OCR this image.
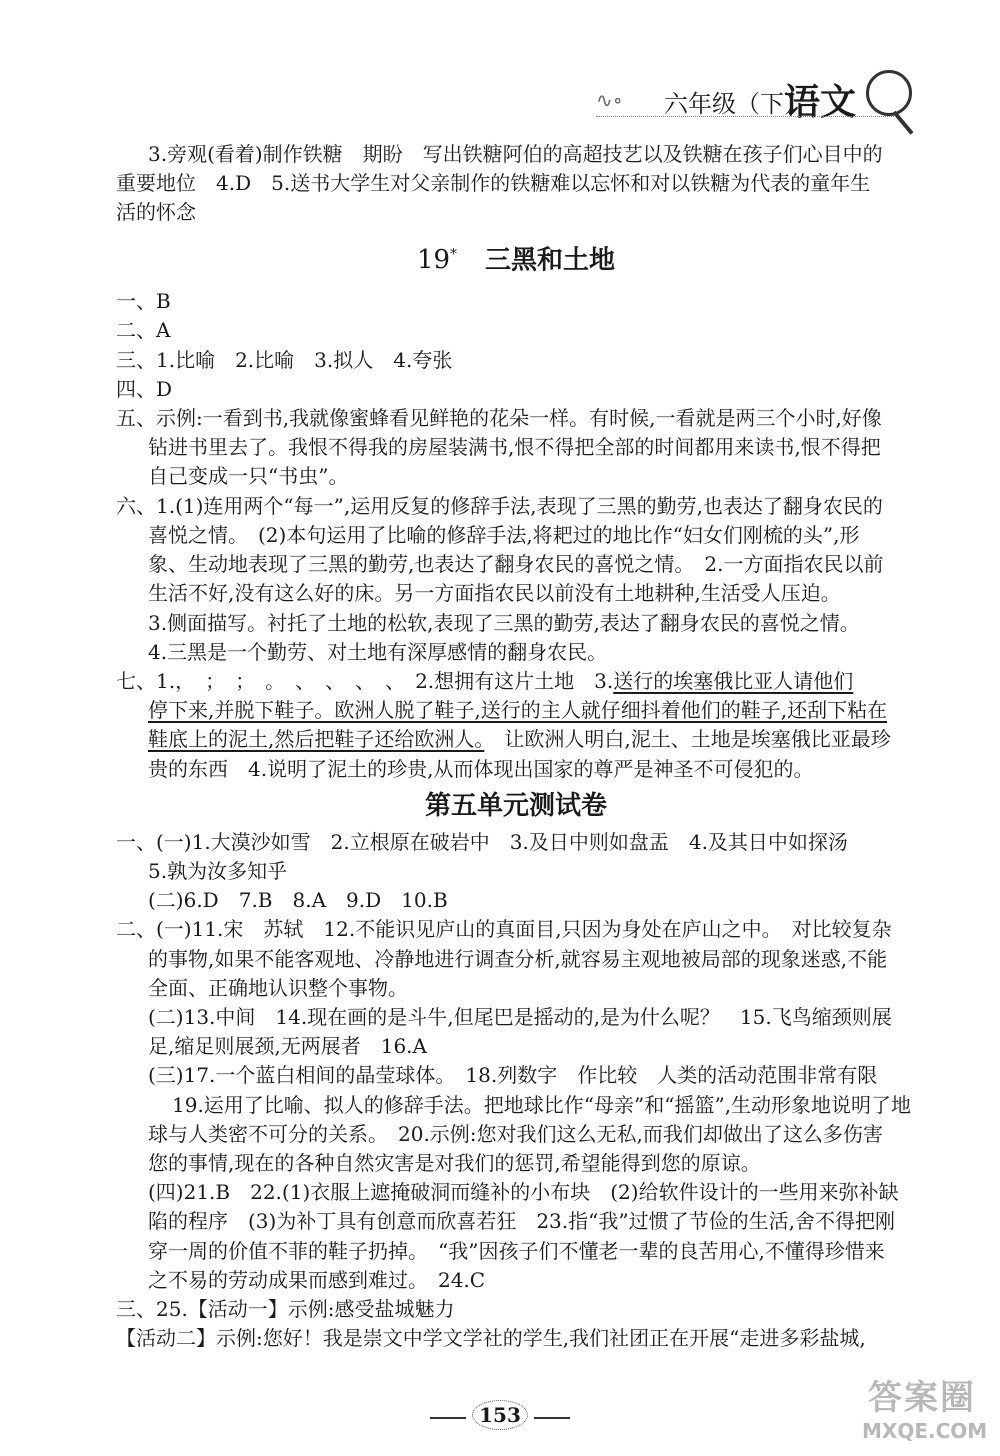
∿∘ 六年级（下）
语文

3.旁观(看着)制作铁糖　期盼　写出铁糖阿伯的高超技艺以及铁糖在孩子们心目中的

重要地位　4.D　5.送书大学生对父亲制作的铁糖难以忘怀和对以铁糖为代表的童年生

活的怀念

19* 三黑和土地

一、B

二、A

三、1.比喻　2.比喻　3.拟人　4.夸张

四、D

五、示例:一看到书,我就像蜜蜂看见鲜艳的花朵一样。有时候,一看就是两三个小时,好像

钻进书里去了。我恨不得我的房屋装满书,恨不得把全部的时间都用来读书,恨不得把

自己变成一只“书虫”。

六、1.(1)连用两个“每一”,运用反复的修辞手法,表现了三黑的勤劳,也表达了翻身农民的

喜悦之情。　(2)本句运用了比喻的修辞手法,将耙过的地比作“妇女们刚梳的头”,形

象、生动地表现了三黑的勤劳,也表达了翻身农民的喜悦之情。　2.一方面指农民以前

生活不好,没有这么好的床。另一方面指农民以前没有土地耕种,生活受人压迫。

3.侧面描写。衬托了土地的松软,表现了三黑的勤劳,表达了翻身农民的喜悦之情。

4.三黑是一个勤劳、对土地有深厚感情的翻身农民。

七、1.，　；　；　。　、　、　、　、　2.想拥有这片土地　3.送行的埃塞俄比亚人请他们

停下来,并脱下鞋子。欧洲人脱了鞋子,送行的主人就仔细抖着他们的鞋子,还刮下粘在

鞋底上的泥土,然后把鞋子还给欧洲人。　让欧洲人明白,泥土、土地是埃塞俄比亚最珍

贵的东西　4.说明了泥土的珍贵,从而体现出国家的尊严是神圣不可侵犯的。

第五单元测试卷

一、(一)1.大漠沙如雪　2.立根原在破岩中　3.及日中则如盘盂　4.及其日中如探汤

5.孰为汝多知乎

(二)6.D　7.B　8.A　9.D　10.B

二、(一)11.宋　苏轼　12.不能识见庐山的真面目,只因为身处在庐山之中。　对比较复杂

的事物,如果不能客观地、冷静地进行调查分析,就容易主观地被局部的现象迷惑,不能

全面、正确地认识整个事物。

(二)13.中间　14.现在画的是斗牛,但尾巴是摇动的,是为什么呢？　15.飞鸟缩颈则展

足,缩足则展颈,无两展者　16.A

(三)17.一个蓝白相间的晶莹球体。　18.列数字　作比较　人类的活动范围非常有限

19.运用了比喻、拟人的修辞手法。把地球比作“母亲”和“摇篮”,生动形象地说明了地

球与人类密不可分的关系。　20.示例:您对我们这么无私,而我们却做出了这么多伤害

您的事情,现在的各种自然灾害是对我们的惩罚,希望能得到您的原谅。

(四)21.B　22.(1)衣服上遮掩破洞而缝补的小布块　(2)给软件设计的一些用来弥补缺

陷的程序　(3)为补丁具有创意而欣喜若狂　23.指“我”过惯了节俭的生活,舍不得把刚

穿一周的价值不菲的鞋子扔掉。　“我”因孩子们不懂老一辈的良苦用心,不懂得珍惜来

之不易的劳动成果而感到难过。　24.C

三、25.【活动一】示例:感受盐城魅力

【活动二】示例:您好！我是崇文中学文学社的学生,我们社团正在开展“走进多彩盐城,

153	答案圈
MXQE.COM
